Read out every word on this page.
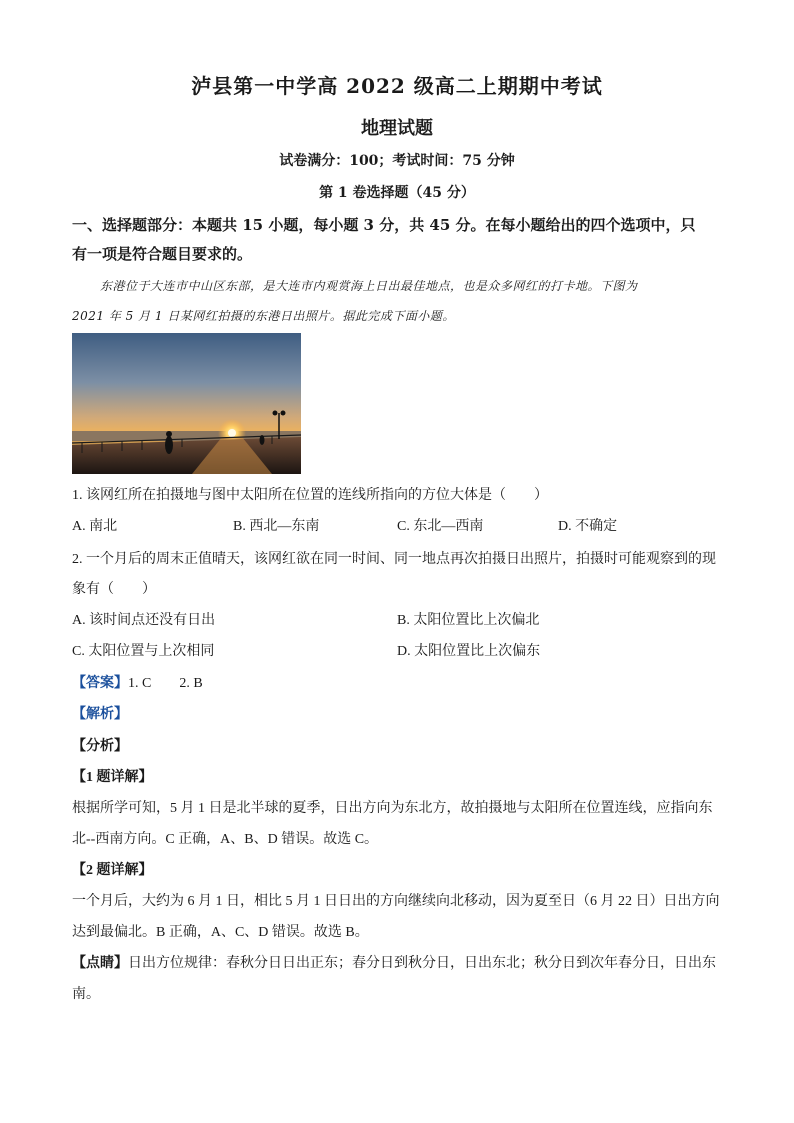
泸县第一中学高 2022 级高二上期期中考试
地理试题
试卷满分：100；考试时间：75 分钟
第 1 卷选择题（45 分）
一、选择题部分：本题共 15 小题，每小题 3 分，共 45 分。在每小题给出的四个选项中，只
有一项是符合题目要求的。
东港位于大连市中山区东部，是大连市内观赏海上日出最佳地点，也是众多网红的打卡地。下图为
2021 年 5 月 1 日某网红拍摄的东港日出照片。据此完成下面小题。
1. 该网红所在拍摄地与图中太阳所在位置的连线所指向的方位大体是（　　）
A. 南北	B. 西北—东南	C. 东北—西南	D. 不确定
2. 一个月后的周末正值晴天，该网红欲在同一时间、同一地点再次拍摄日出照片，拍摄时可能观察到的现
象有（　　）
A. 该时间点还没有日出	B. 太阳位置比上次偏北
C. 太阳位置与上次相同	D. 太阳位置比上次偏东
【答案】1. C　　2. B
【解析】
【分析】
【1 题详解】
根据所学可知，5 月 1 日是北半球的夏季，日出方向为东北方，故拍摄地与太阳所在位置连线，应指向东
北--西南方向。C 正确，A、B、D 错误。故选 C。
【2 题详解】
一个月后，大约为 6 月 1 日，相比 5 月 1 日日出的方向继续向北移动，因为夏至日（6 月 22 日）日出方向
达到最偏北。B 正确，A、C、D 错误。故选 B。
【点睛】日出方位规律：春秋分日日出正东；春分日到秋分日，日出东北；秋分日到次年春分日，日出东
南。
